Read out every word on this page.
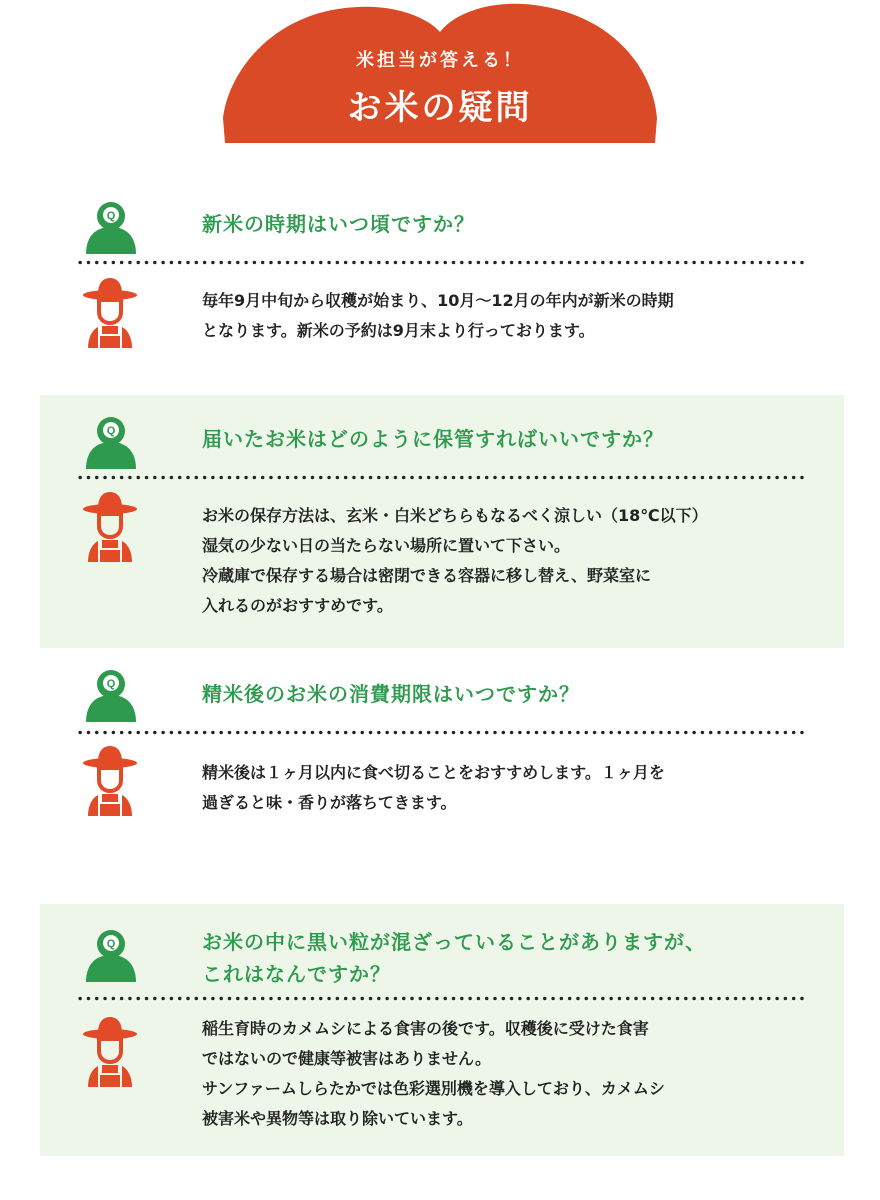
米担当が答える！
お米の疑問
Q	新米の時期はいつ頃ですか？
毎年9月中旬から収穫が始まり、10月～12月の年内が新米の時期
となります。新米の予約は9月末より行っております。
Q	届いたお米はどのように保管すればいいですか？
お米の保存方法は、玄米・白米どちらもなるべく涼しい（18℃以下）
湿気の少ない日の当たらない場所に置いて下さい。
冷蔵庫で保存する場合は密閉できる容器に移し替え、野菜室に
入れるのがおすすめです。
Q	精米後のお米の消費期限はいつですか？
精米後は１ヶ月以内に食べ切ることをおすすめします。１ヶ月を
過ぎると味・香りが落ちてきます。
Q	お米の中に黒い粒が混ざっていることがありますが、
これはなんですか？
稲生育時のカメムシによる食害の後です。収穫後に受けた食害
ではないので健康等被害はありません。
サンファームしらたかでは色彩選別機を導入しており、カメムシ
被害米や異物等は取り除いています。
